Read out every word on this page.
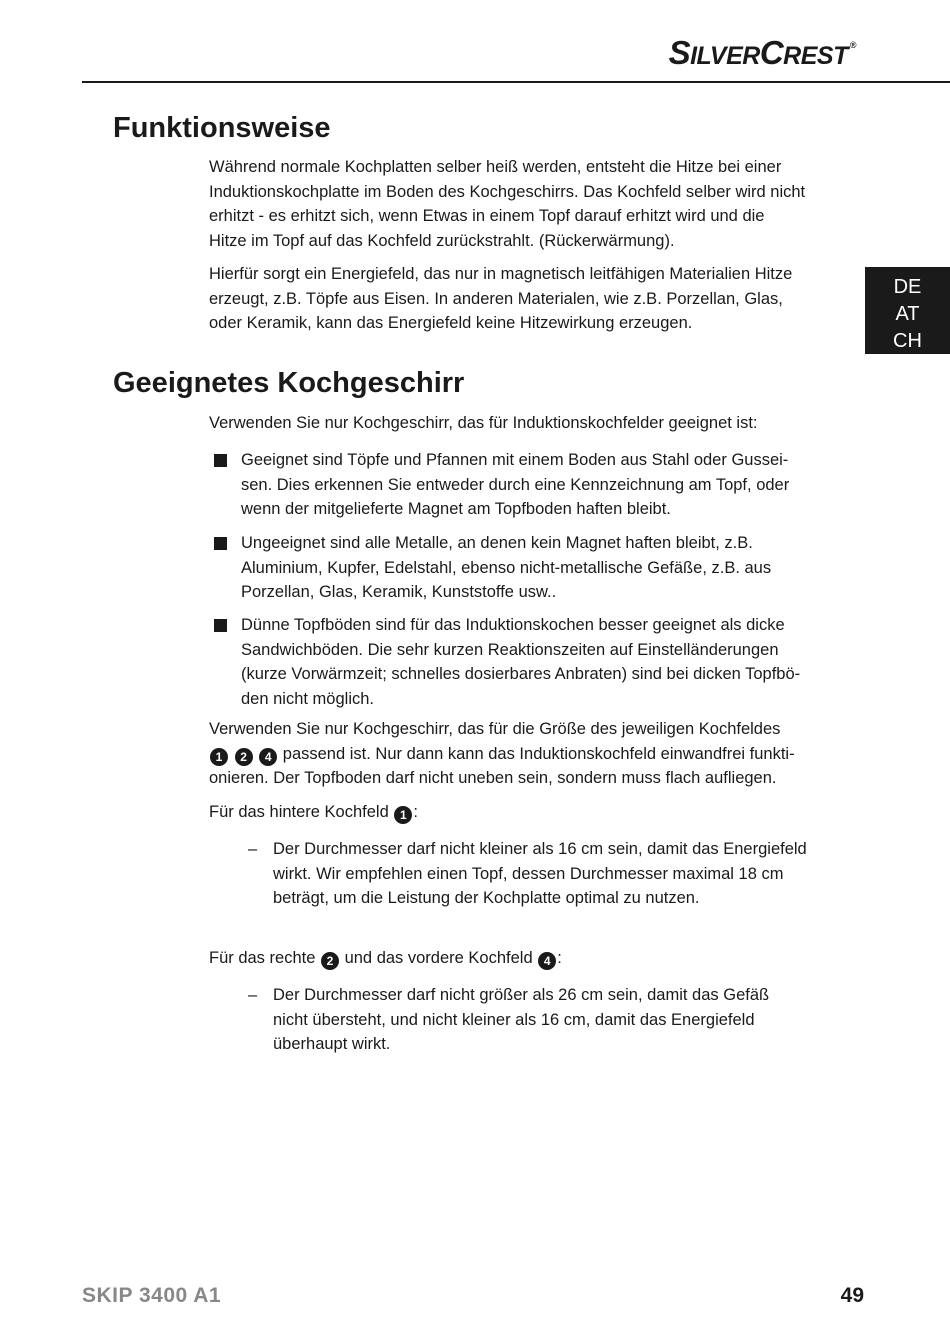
SILVERCREST ®
DE
AT
CH
Funktionsweise
Während normale Kochplatten selber heiß werden, entsteht die Hitze bei einer
Induktionskochplatte im Boden des Kochgeschirrs. Das Kochfeld selber wird nicht
erhitzt - es erhitzt sich, wenn Etwas in einem Topf darauf erhitzt wird und die
Hitze im Topf auf das Kochfeld zurückstrahlt. (Rückerwärmung).
Hierfür sorgt ein Energiefeld, das nur in magnetisch leitfähigen Materialien Hitze
erzeugt, z.B. Töpfe aus Eisen. In anderen Materialen, wie z.B. Porzellan, Glas,
oder Keramik, kann das Energiefeld keine Hitzewirkung erzeugen.
Geeignetes Kochgeschirr
Verwenden Sie nur Kochgeschirr, das für Induktionskochfelder geeignet ist:
Geeignet sind Töpfe und Pfannen mit einem Boden aus Stahl oder Gussei-
sen. Dies erkennen Sie entweder durch eine Kennzeichnung am Topf, oder
wenn der mitgelieferte Magnet am Topfboden haften bleibt.
Ungeeignet sind alle Metalle, an denen kein Magnet haften bleibt, z.B.
Aluminium, Kupfer, Edelstahl, ebenso nicht-metallische Gefäße, z.B. aus
Porzellan, Glas, Keramik, Kunststoffe usw..
Dünne Topfböden sind für das Induktionskochen besser geeignet als dicke
Sandwichböden. Die sehr kurzen Reaktionszeiten auf Einstelländerungen
(kurze Vorwärmzeit; schnelles dosierbares Anbraten) sind bei dicken Topfbö-
den nicht möglich.
Verwenden Sie nur Kochgeschirr, das für die Größe des jeweiligen Kochfeldes
1 2 4 passend ist. Nur dann kann das Induktionskochfeld einwandfrei funkti-
onieren. Der Topfboden darf nicht uneben sein, sondern muss flach aufliegen.
Für das hintere Kochfeld 1 :
– Der Durchmesser darf nicht kleiner als 16 cm sein, damit das Energiefeld
wirkt. Wir empfehlen einen Topf, dessen Durchmesser maximal 18 cm
beträgt, um die Leistung der Kochplatte optimal zu nutzen.
Für das rechte 2 und das vordere Kochfeld 4 :
– Der Durchmesser darf nicht größer als 26 cm sein, damit das Gefäß
nicht übersteht, und nicht kleiner als 16 cm, damit das Energiefeld
überhaupt wirkt.
SKIP 3400 A1	49
